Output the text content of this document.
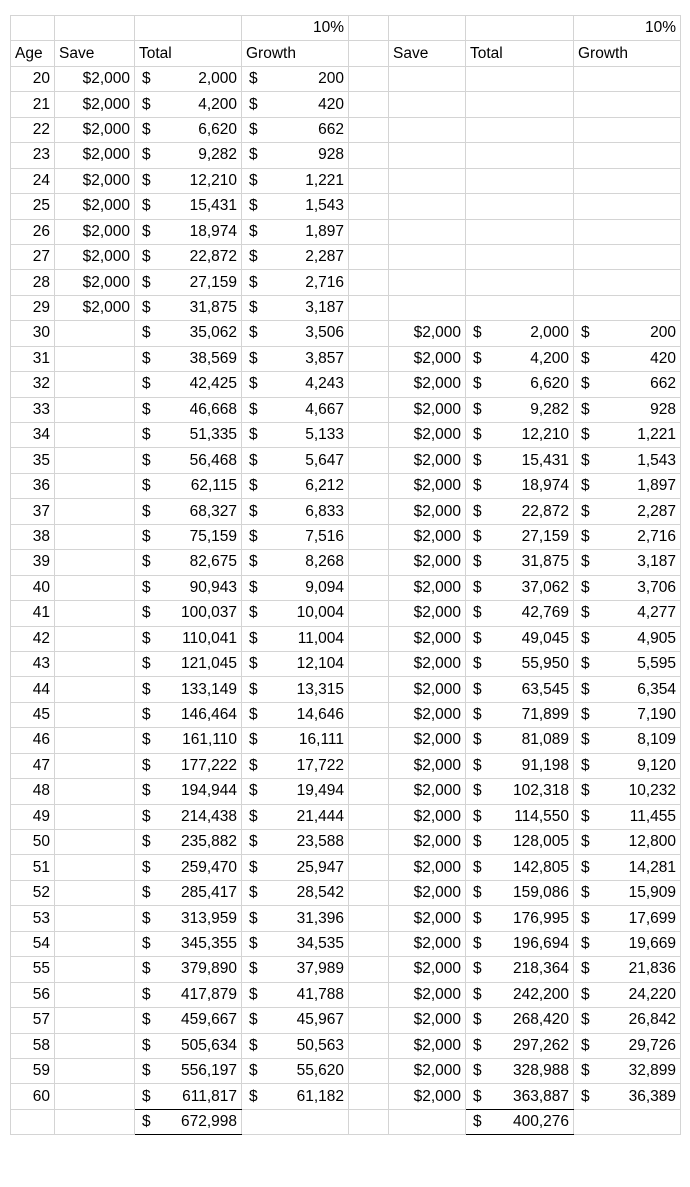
			10%				10%
Age	Save	Total	Growth		Save	Total	Growth
20	$2,000	$ 2,000	$ 200				

21	$2,000	$ 4,200	$ 420				

22	$2,000	$ 6,620	$ 662				

23	$2,000	$ 9,282	$ 928				

24	$2,000	$ 12,210	$ 1,221				

25	$2,000	$ 15,431	$ 1,543				

26	$2,000	$ 18,974	$ 1,897				

27	$2,000	$ 22,872	$ 2,287				

28	$2,000	$ 27,159	$ 2,716				

29	$2,000	$ 31,875	$ 3,187				

30		$ 35,062	$ 3,506		$2,000	$ 2,000	$ 200

31		$ 38,569	$ 3,857		$2,000	$ 4,200	$ 420

32		$ 42,425	$ 4,243		$2,000	$ 6,620	$ 662

33		$ 46,668	$ 4,667		$2,000	$ 9,282	$ 928

34		$ 51,335	$ 5,133		$2,000	$ 12,210	$ 1,221

35		$ 56,468	$ 5,647		$2,000	$ 15,431	$ 1,543

36		$ 62,115	$ 6,212		$2,000	$ 18,974	$ 1,897

37		$ 68,327	$ 6,833		$2,000	$ 22,872	$ 2,287

38		$ 75,159	$ 7,516		$2,000	$ 27,159	$ 2,716

39		$ 82,675	$ 8,268		$2,000	$ 31,875	$ 3,187

40		$ 90,943	$ 9,094		$2,000	$ 37,062	$ 3,706

41		$ 100,037	$ 10,004		$2,000	$ 42,769	$ 4,277

42		$ 110,041	$ 11,004		$2,000	$ 49,045	$ 4,905

43		$ 121,045	$ 12,104		$2,000	$ 55,950	$ 5,595

44		$ 133,149	$ 13,315		$2,000	$ 63,545	$ 6,354

45		$ 146,464	$ 14,646		$2,000	$ 71,899	$ 7,190

46		$ 161,110	$ 16,111		$2,000	$ 81,089	$ 8,109

47		$ 177,222	$ 17,722		$2,000	$ 91,198	$ 9,120

48		$ 194,944	$ 19,494		$2,000	$ 102,318	$ 10,232

49		$ 214,438	$ 21,444		$2,000	$ 114,550	$ 11,455

50		$ 235,882	$ 23,588		$2,000	$ 128,005	$ 12,800

51		$ 259,470	$ 25,947		$2,000	$ 142,805	$ 14,281

52		$ 285,417	$ 28,542		$2,000	$ 159,086	$ 15,909

53		$ 313,959	$ 31,396		$2,000	$ 176,995	$ 17,699

54		$ 345,355	$ 34,535		$2,000	$ 196,694	$ 19,669

55		$ 379,890	$ 37,989		$2,000	$ 218,364	$ 21,836

56		$ 417,879	$ 41,788		$2,000	$ 242,200	$ 24,220

57		$ 459,667	$ 45,967		$2,000	$ 268,420	$ 26,842

58		$ 505,634	$ 50,563		$2,000	$ 297,262	$ 29,726

59		$ 556,197	$ 55,620		$2,000	$ 328,988	$ 32,899

60		$ 611,817	$ 61,182		$2,000	$ 363,887	$ 36,389

		$ 672,998				$ 400,276	
